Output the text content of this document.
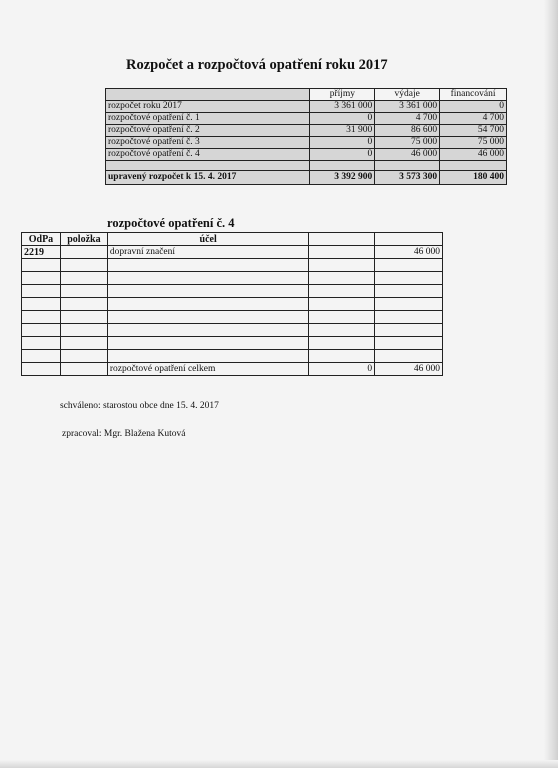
Rozpočet a rozpočtová opatření roku 2017
	příjmy	výdaje	financování
rozpočet roku 2017	3 361 000	3 361 000	0
rozpočtové opatření č. 1	0	4 700	4 700
rozpočtové opatření č. 2	31 900	86 600	54 700
rozpočtové opatření č. 3	0	75 000	75 000
rozpočtové opatření č. 4	0	46 000	46 000

upravený rozpočet k 15. 4. 2017	3 392 900	3 573 300	180 400
rozpočtové opatření č. 4
OdPa	položka	účel		
2219		dopravní značení		46 000

		rozpočtové opatření celkem	0	46 000
schváleno: starostou obce dne 15. 4. 2017
zpracoval: Mgr. Blažena Kutová
